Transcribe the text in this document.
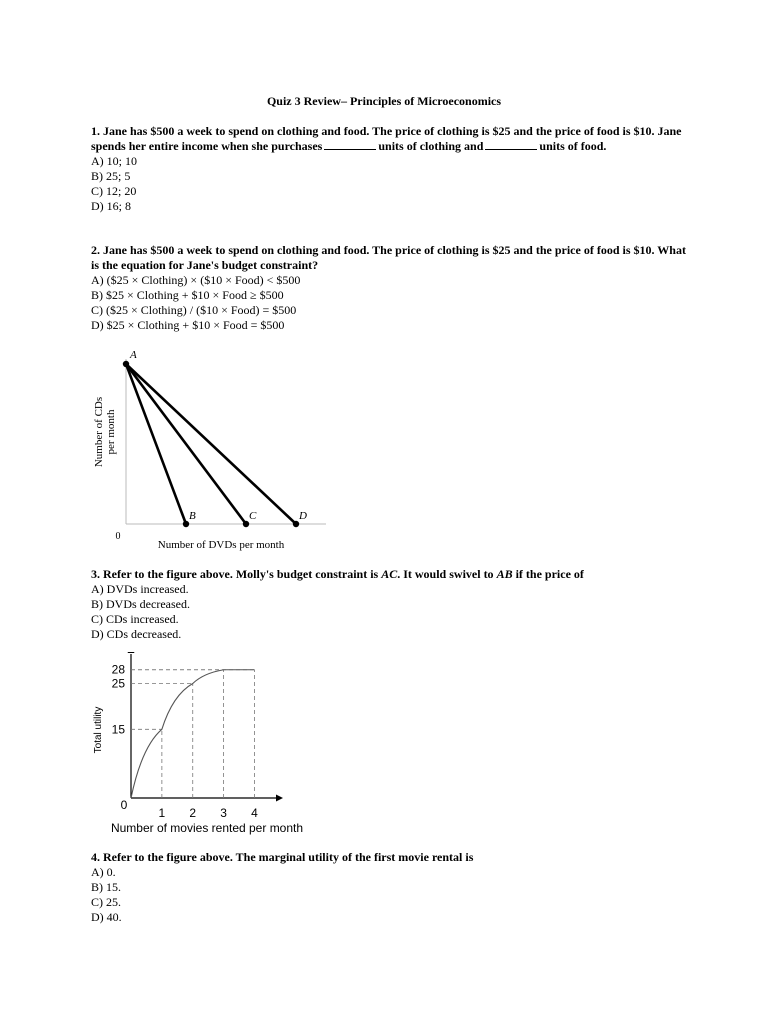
Quiz 3 Review– Principles of Microeconomics
1. Jane has $500 a week to spend on clothing and food. The price of clothing is $25 and the price of food is $10. Jane spends her entire income when she purchases	units of clothing and	units of food.
A) 10; 10
B) 25; 5
C) 12; 20
D) 16; 8
2. Jane has $500 a week to spend on clothing and food. The price of clothing is $25 and the price of food is $10. What is the equation for Jane's budget constraint?
A) ($25 × Clothing) × ($10 × Food) < $500
B) $25 × Clothing + $10 × Food ≥ $500
C) ($25 × Clothing) / ($10 × Food) = $500
D) $25 × Clothing + $10 × Food = $500
A
B	C	D
Number of DVDs per month
Number of CDsper month
0
3. Refer to the figure above. Molly's budget constraint is AC. It would swivel to AB if the price of
A) DVDs increased.
B) DVDs decreased.
C) CDs increased.
D) CDs decreased.
1 2 3 4
15
25
28
Number of movies rented per month
Total utility
0
4. Refer to the figure above. The marginal utility of the first movie rental is
A) 0.
B) 15.
C) 25.
D) 40.
